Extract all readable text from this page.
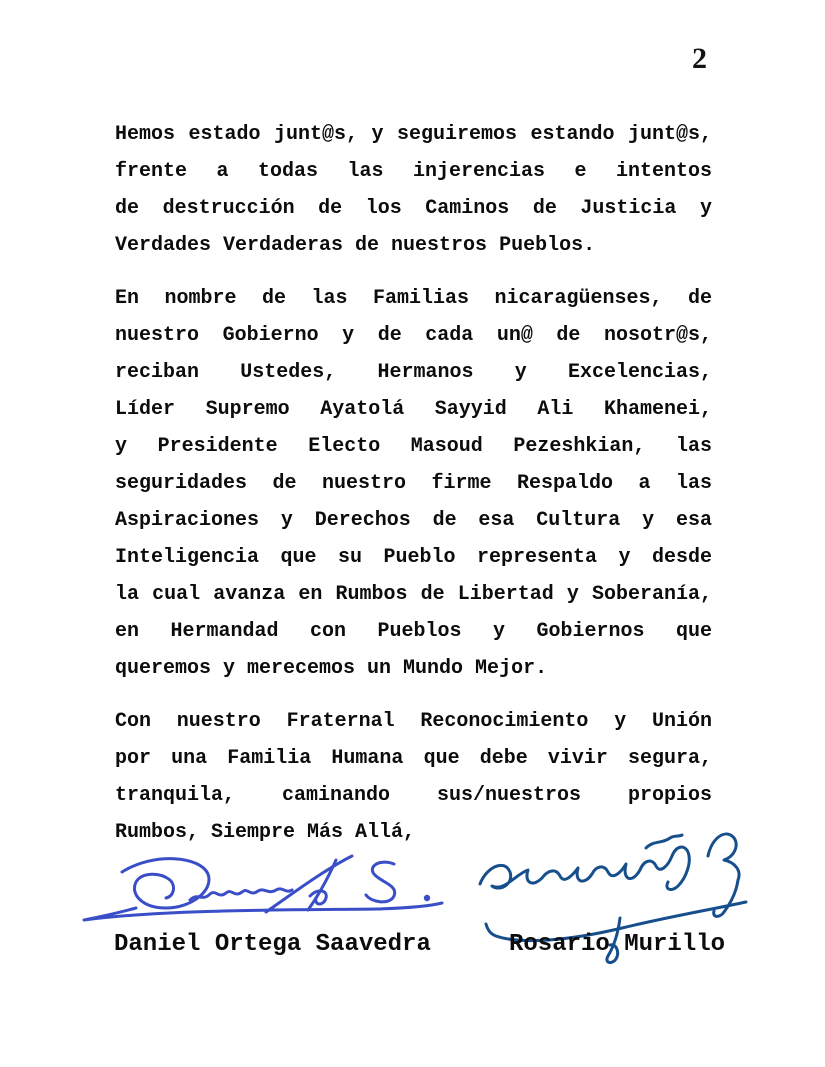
2
Hemos estado junt@s, y seguiremos estando junt@s,
frente a todas las injerencias e intentos
de destrucción de los Caminos de Justicia y
Verdades Verdaderas de nuestros Pueblos.
En nombre de las Familias nicaragüenses, de
nuestro Gobierno y de cada un@ de nosotr@s,
reciban Ustedes, Hermanos y Excelencias,
Líder Supremo Ayatolá Sayyid Ali Khamenei,
y Presidente Electo Masoud Pezeshkian, las
seguridades de nuestro firme Respaldo a las
Aspiraciones y Derechos de esa Cultura y esa
Inteligencia que su Pueblo representa y desde
la cual avanza en Rumbos de Libertad y Soberanía,
en Hermandad con Pueblos y Gobiernos que
queremos y merecemos un Mundo Mejor.
Con nuestro Fraternal Reconocimiento y Unión
por una Familia Humana que debe vivir segura,
tranquila, caminando sus/nuestros propios
Rumbos, Siempre Más Allá,
Daniel Ortega Saavedra	Rosario Murillo
